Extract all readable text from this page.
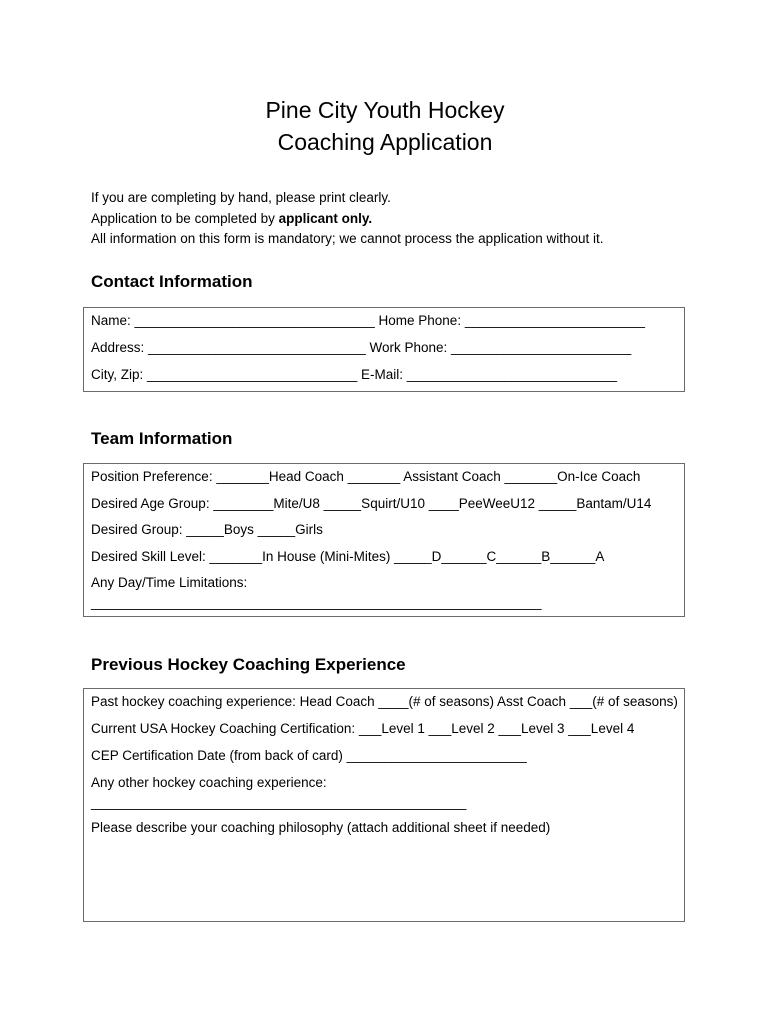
Pine City Youth Hockey
Coaching Application
If you are completing by hand, please print clearly.
Application to be completed by applicant only.
All information on this form is mandatory; we cannot process the application without it.
Contact Information
Name: ________________________________ Home Phone: ________________________
Address: _____________________________ Work Phone: ________________________
City, Zip: ____________________________ E-Mail: ____________________________
Team Information
Position Preference: _______Head Coach _______ Assistant Coach _______On-Ice Coach
Desired Age Group: ________Mite/U8 _____Squirt/U10 ____PeeWeeU12 _____Bantam/U14
Desired Group: _____Boys _____Girls
Desired Skill Level: _______In House (Mini-Mites) _____D______C______B______A
Any Day/Time Limitations:
____________________________________________________________
Previous Hockey Coaching Experience
Past hockey coaching experience: Head Coach ____(# of seasons) Asst Coach ___(# of seasons)
Current USA Hockey Coaching Certification: ___Level 1 ___Level 2 ___Level 3 ___Level 4
CEP Certification Date (from back of card) ________________________
Any other hockey coaching experience:
__________________________________________________
Please describe your coaching philosophy (attach additional sheet if needed)
